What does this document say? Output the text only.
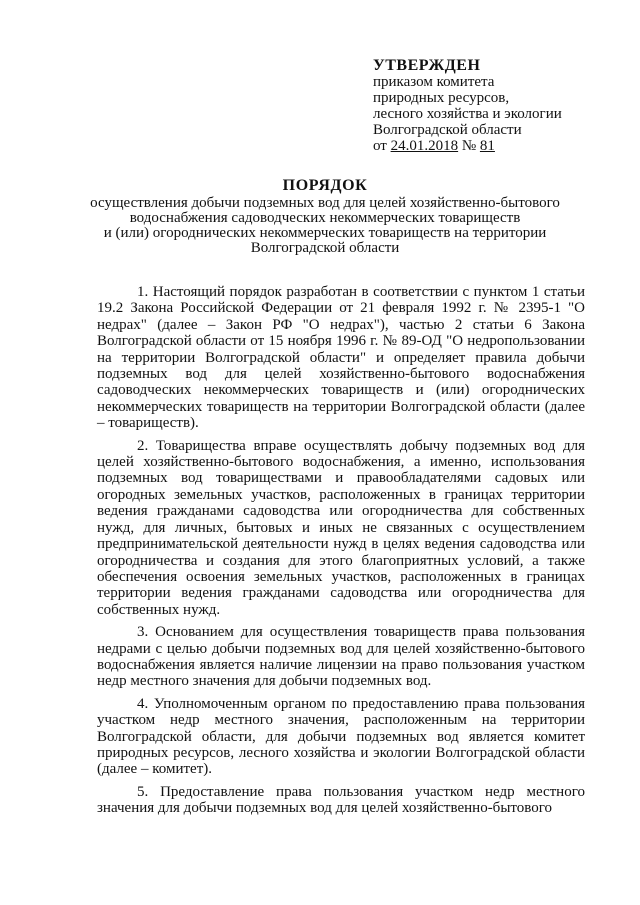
УТВЕРЖДЕН
приказом комитета
природных ресурсов,
лесного хозяйства и экологии
Волгоградской области
от 24.01.2018 № 81
ПОРЯДОК
осуществления добычи подземных вод для целей хозяйственно-бытового
водоснабжения садоводческих некоммерческих товариществ
и (или) огороднических некоммерческих товариществ на территории
Волгоградской области

1. Настоящий порядок разработан в соответствии с пунктом 1 статьи 19.2 Закона Российской Федерации от 21 февраля 1992 г. № 2395-1 "О недрах" (далее – Закон РФ "О недрах"), частью 2 статьи 6 Закона Волгоградской области от 15 ноября 1996 г. № 89-ОД "О недропользовании на территории Волгоградской области" и определяет правила добычи подземных вод для целей хозяйственно-бытового водоснабжения садоводческих некоммерческих товариществ и (или) огороднических некоммерческих товариществ на территории Волгоградской области (далее – товариществ).

2. Товарищества вправе осуществлять добычу подземных вод для целей хозяйственно-бытового водоснабжения, а именно, использования подземных вод товариществами и правообладателями садовых или огородных земельных участков, расположенных в границах территории ведения гражданами садоводства или огородничества для собственных нужд, для личных, бытовых и иных не связанных с осуществлением предпринимательской деятельности нужд в целях ведения садоводства или огородничества и создания для этого благоприятных условий, а также обеспечения освоения земельных участков, расположенных в границах территории ведения гражданами садоводства или огородничества для собственных нужд.

3. Основанием для осуществления товариществ права пользования недрами с целью добычи подземных вод для целей хозяйственно-бытового водоснабжения является наличие лицензии на право пользования участком недр местного значения для добычи подземных вод.

4. Уполномоченным органом по предоставлению права пользования участком недр местного значения, расположенным на территории Волгоградской области, для добычи подземных вод является комитет природных ресурсов, лесного хозяйства и экологии Волгоградской области (далее – комитет).

5. Предоставление права пользования участком недр местного значения для добычи подземных вод для целей хозяйственно-бытового
